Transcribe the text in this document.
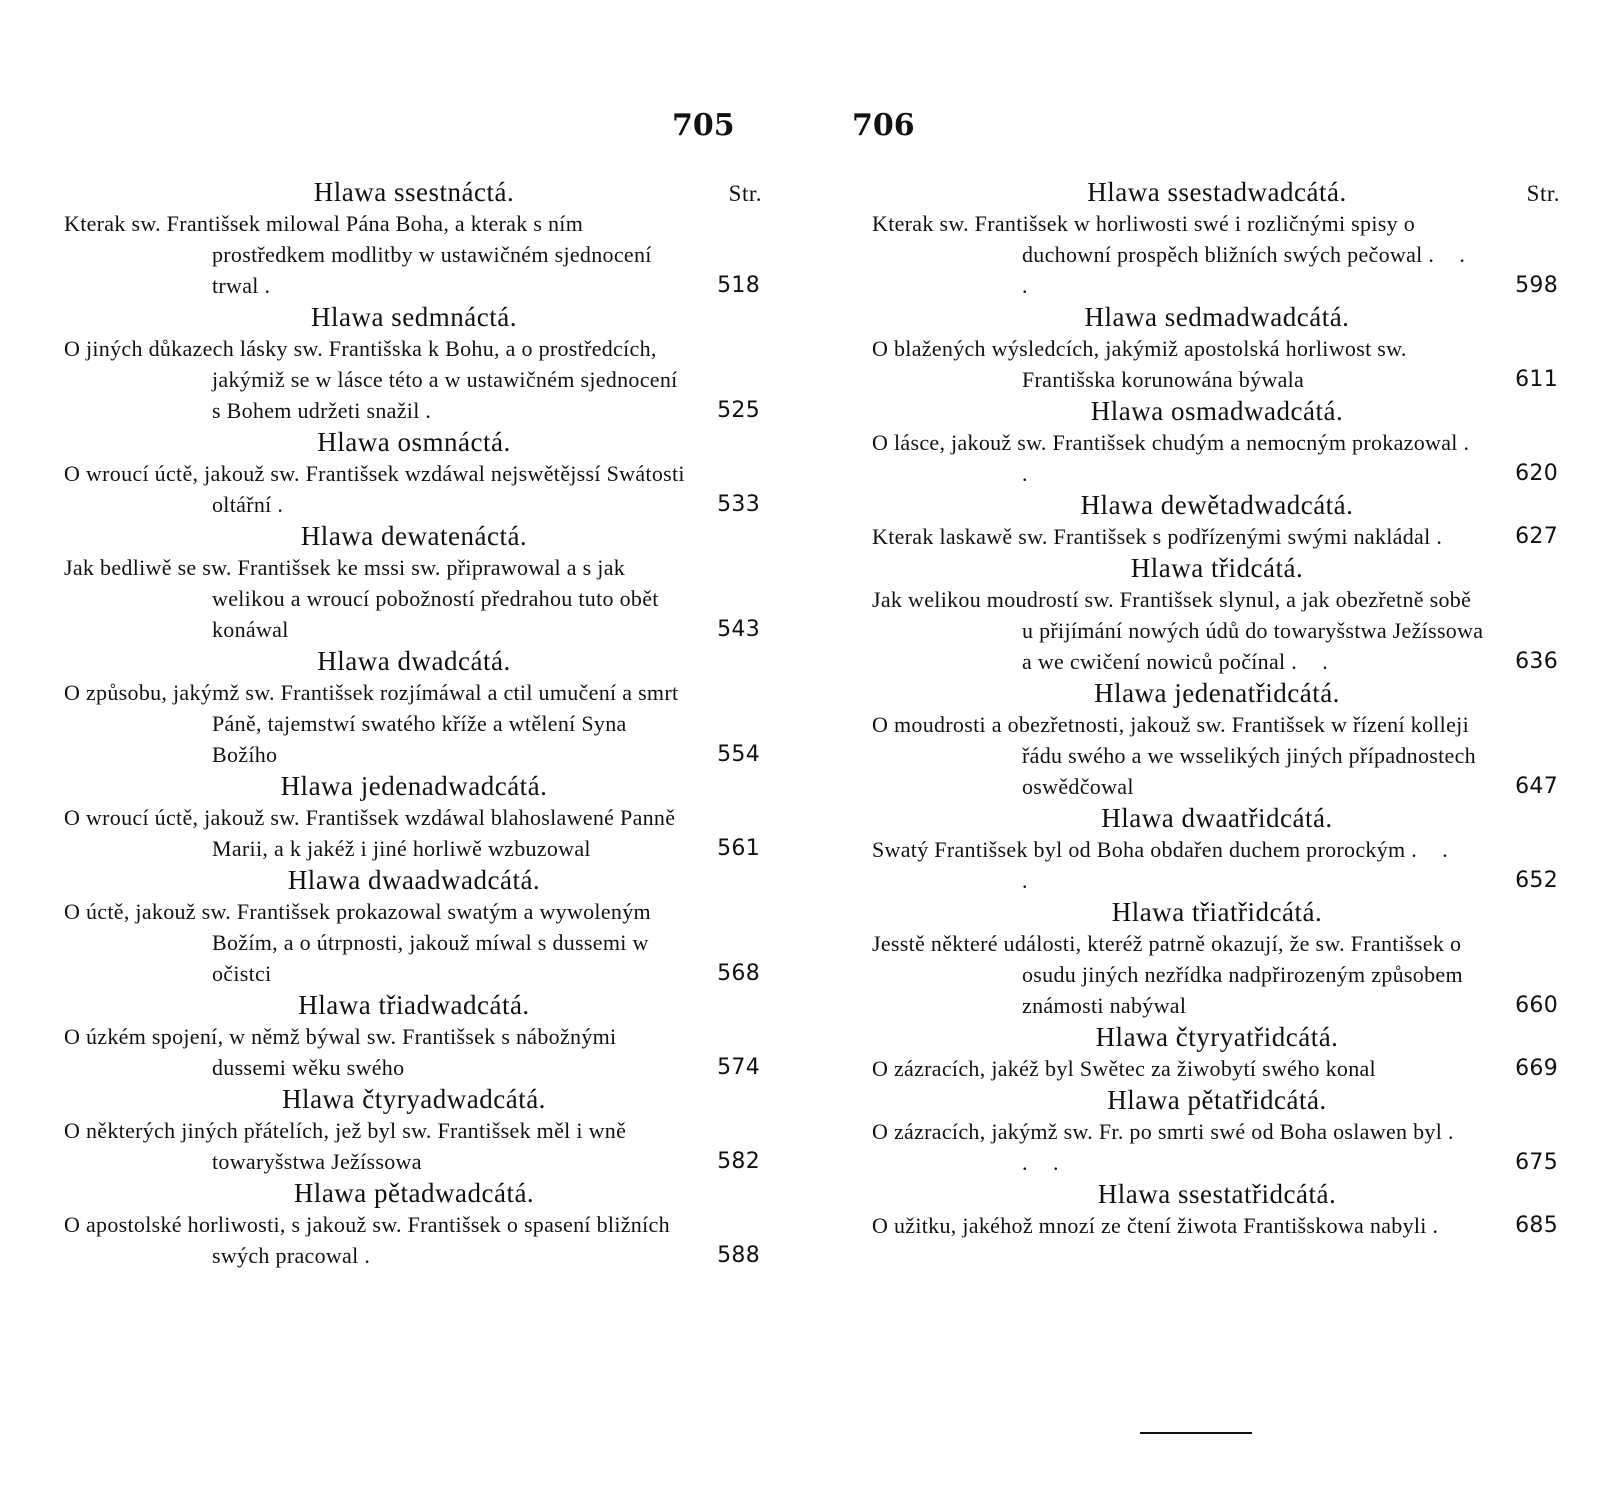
705	706
Hlawa ssestnáctá.	Str.
Kterak sw. Františsek milowal Pána Boha, a kterak s ním prostředkem modlitby w ustawičném sjednocení trwal .	518
Hlawa sedmnáctá.
O jiných důkazech lásky sw. Františska k Bohu, a o prostředcích, jakýmiž se w lásce této a w ustawičném sjednocení s Bohem udržeti snažil .	525
Hlawa osmnáctá.
O wroucí úctě, jakouž sw. Františsek wzdáwal nejswětějssí Swátosti oltářní .	533
Hlawa dewatenáctá.
Jak bedliwě se sw. Františsek ke mssi sw. připrawowal a s jak welikou a wroucí pobožností předrahou tuto obět konáwal	543
Hlawa dwadcátá.
O způsobu, jakýmž sw. Františsek rozjímáwal a ctil umučení a smrt Páně, tajemstwí swatého kříže a wtělení Syna Božího	554
Hlawa jedenadwadcátá.
O wroucí úctě, jakouž sw. Františsek wzdáwal blahoslawené Panně Marii, a k jakéž i jiné horliwě wzbuzowal	561
Hlawa dwaadwadcátá.
O úctě, jakouž sw. Františsek prokazowal swatým a wywoleným Božím, a o útrpnosti, jakouž míwal s dussemi w očistci	568
Hlawa třiadwadcátá.
O úzkém spojení, w němž býwal sw. Františsek s nábožnými dussemi wěku swého	574
Hlawa čtyryadwadcátá.
O některých jiných přátelích, jež byl sw. Františsek měl i wně towaryšstwa Ježíssowa	582
Hlawa pětadwadcátá.
O apostolské horliwosti, s jakouž sw. Františsek o spasení bližních swých pracowal .	588
Hlawa ssestadwadcátá.	Str.
Kterak sw. Františsek w horliwosti swé i rozličnými spisy o duchowní prospěch bližních swých pečowal . . .	598
Hlawa sedmadwadcátá.
O blažených wýsledcích, jakýmiž apostolská horliwost sw. Františska korunowána býwala	611
Hlawa osmadwadcátá.
O lásce, jakouž sw. Františsek chudým a nemocným prokazowal . .	620
Hlawa dewětadwadcátá.
Kterak laskawě sw. Františsek s podřízenými swými nakládal .	627
Hlawa třidcátá.
Jak welikou moudrostí sw. Františsek slynul, a jak obezřetně sobě u přijímání nowých údů do towaryšstwa Ježíssowa a we cwičení nowiců počínal . .	636
Hlawa jedenatřidcátá.
O moudrosti a obezřetnosti, jakouž sw. Františsek w řízení kolleji řádu swého a we wsselikých jiných případnostech oswědčowal	647
Hlawa dwaatřidcátá.
Swatý Františsek byl od Boha obdařen duchem prorockým . . .	652
Hlawa třiatřidcátá.
Jesstě některé události, kteréž patrně okazují, že sw. Františsek o osudu jiných nezřídka nadpřirozeným způsobem známosti nabýwal	660
Hlawa čtyryatřidcátá.
O zázracích, jakéž byl Swětec za žiwobytí swého konal	669
Hlawa pětatřidcátá.
O zázracích, jakýmž sw. Fr. po smrti swé od Boha oslawen byl . . .	675
Hlawa ssestatřidcátá.
O užitku, jakéhož mnozí ze čtení žiwota Františskowa nabyli .	685
